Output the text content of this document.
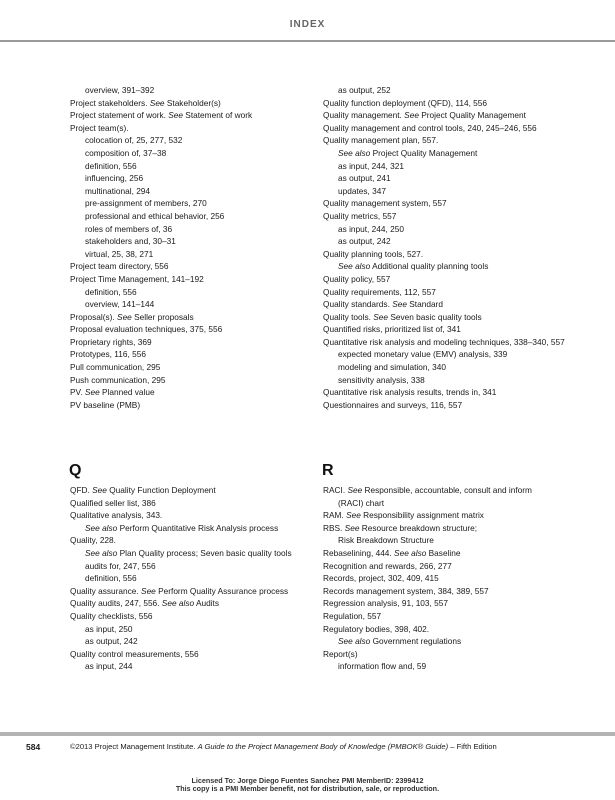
INDEX
overview, 391–392
Project stakeholders. See Stakeholder(s)
Project statement of work. See Statement of work
Project team(s).
colocation of, 25, 277, 532
composition of, 37–38
definition, 556
influencing, 256
multinational, 294
pre-assignment of members, 270
professional and ethical behavior, 256
roles of members of, 36
stakeholders and, 30–31
virtual, 25, 38, 271
Project team directory, 556
Project Time Management, 141–192
definition, 556
overview, 141–144
Proposal(s). See Seller proposals
Proposal evaluation techniques, 375, 556
Proprietary rights, 369
Prototypes, 116, 556
Pull communication, 295
Push communication, 295
PV. See Planned value
PV baseline (PMB)
as output, 252
Quality function deployment (QFD), 114, 556
Quality management. See Project Quality Management
Quality management and control tools, 240, 245–246, 556
Quality management plan, 557.
See also Project Quality Management
as input, 244, 321
as output, 241
updates, 347
Quality management system, 557
Quality metrics, 557
as input, 244, 250
as output, 242
Quality planning tools, 527.
See also Additional quality planning tools
Quality policy, 557
Quality requirements, 112, 557
Quality standards. See Standard
Quality tools. See Seven basic quality tools
Quantified risks, prioritized list of, 341
Quantitative risk analysis and modeling techniques, 338–340, 557
expected monetary value (EMV) analysis, 339
modeling and simulation, 340
sensitivity analysis, 338
Quantitative risk analysis results, trends in, 341
Questionnaires and surveys, 116, 557
Q	R
QFD. See Quality Function Deployment
Qualified seller list, 386
Qualitative analysis, 343.
See also Perform Quantitative Risk Analysis process
Quality, 228.
See also Plan Quality process; Seven basic quality tools
audits for, 247, 556
definition, 556
Quality assurance. See Perform Quality Assurance process
Quality audits, 247, 556. See also Audits
Quality checklists, 556
as input, 250
as output, 242
Quality control measurements, 556
as input, 244
RACI. See Responsible, accountable, consult and inform
(RACI) chart
RAM. See Responsibility assignment matrix
RBS. See Resource breakdown structure;
Risk Breakdown Structure
Rebaselining, 444. See also Baseline
Recognition and rewards, 266, 277
Records, project, 302, 409, 415
Records management system, 384, 389, 557
Regression analysis, 91, 103, 557
Regulation, 557
Regulatory bodies, 398, 402.
See also Government regulations
Report(s)
information flow and, 59
584	©2013 Project Management Institute. A Guide to the Project Management Body of Knowledge (PMBOK® Guide) – Fifth Edition
Licensed To: Jorge Diego Fuentes Sanchez PMI MemberID: 2399412
This copy is a PMI Member benefit, not for distribution, sale, or reproduction.
